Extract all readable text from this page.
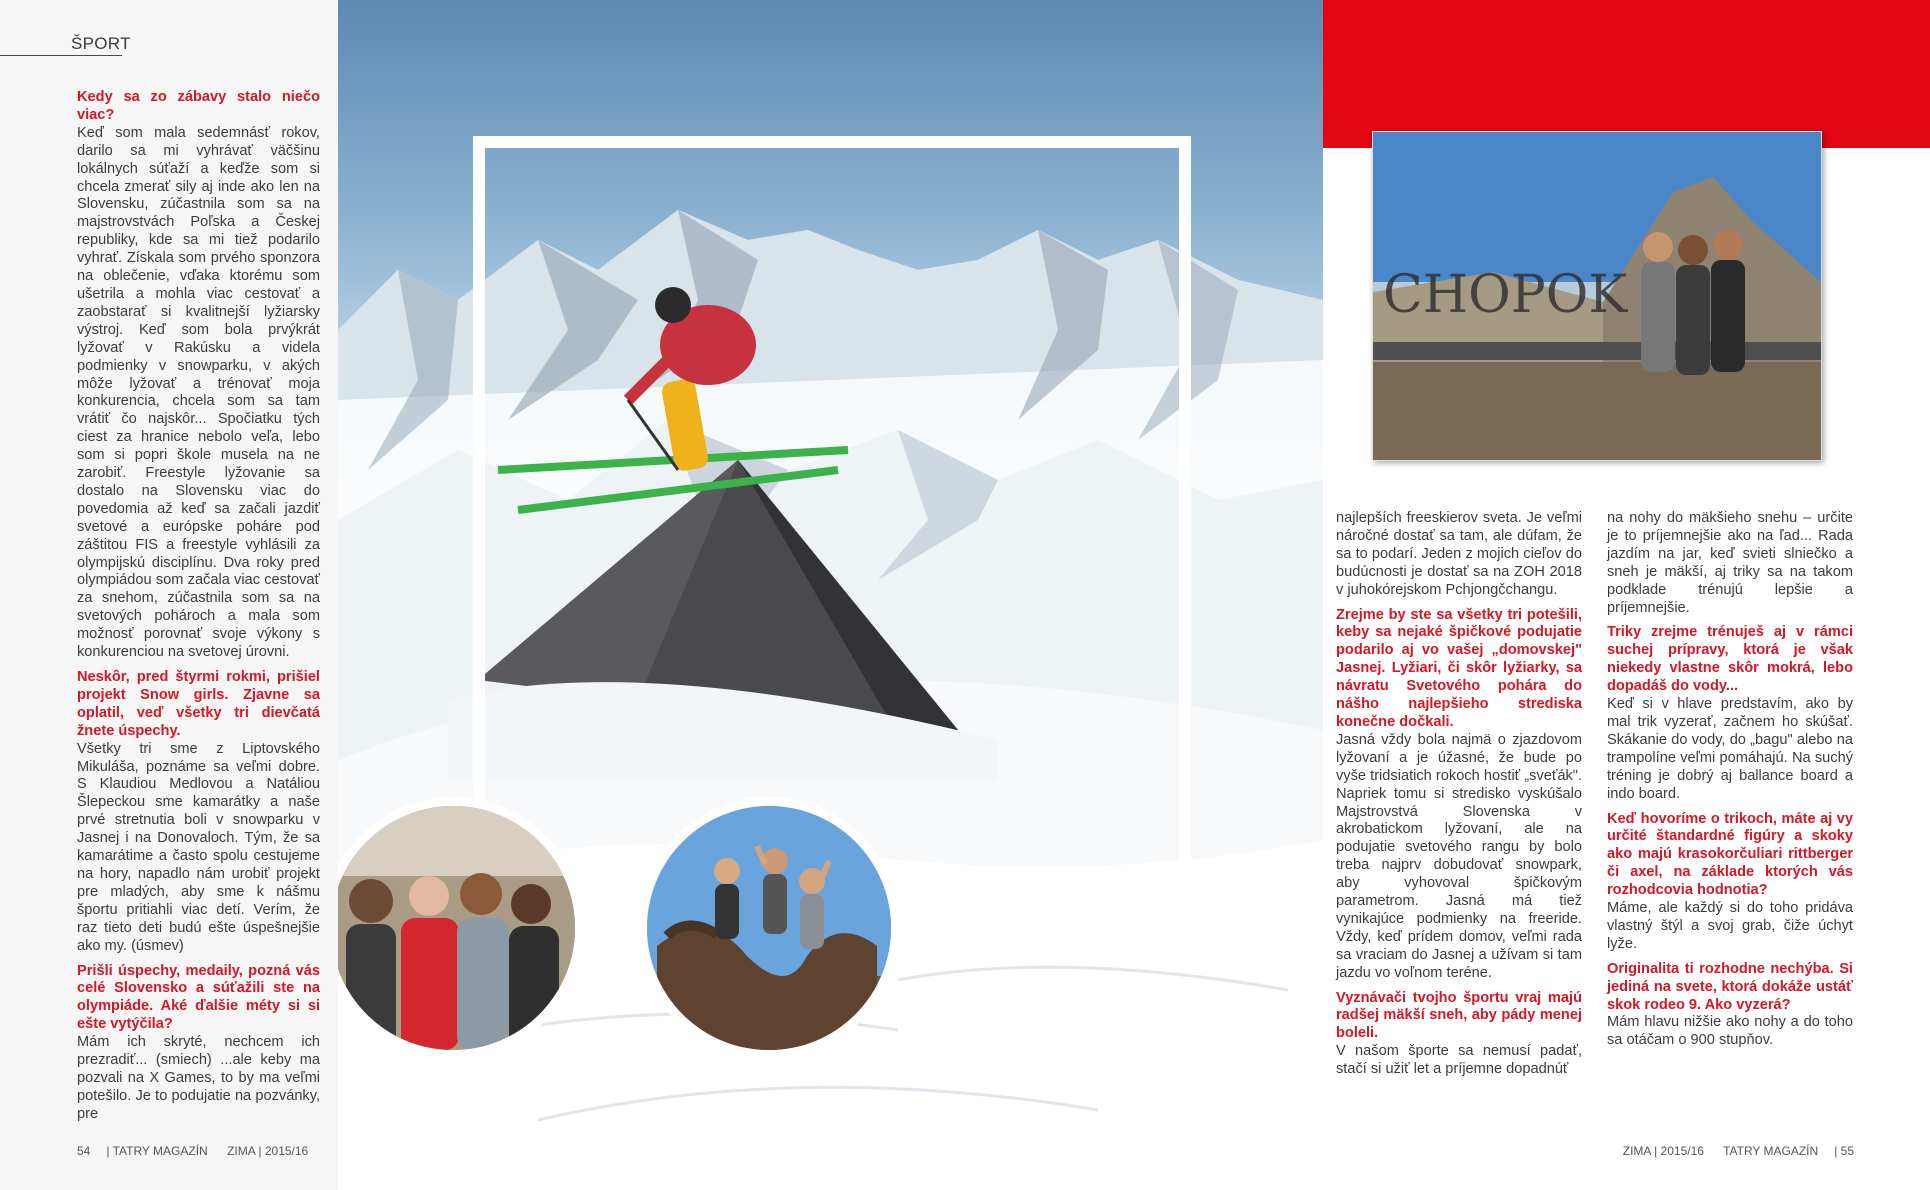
ŠPORT

Kedy sa zo zábavy stalo niečo viac?

Keď som mala sedemnásť rokov, darilo sa mi vyhrávať väčšinu lokálnych súťaží a keďže som si chcela zmerať sily aj inde ako len na Slovensku, zúčastnila som sa na majstrovstvách Poľska a Českej republiky, kde sa mi tiež podarilo vyhrať. Získala som prvého sponzora na oblečenie, vďaka ktorému som ušetrila a mohla viac cestovať a zaobstarať si kvalitnejší lyžiarsky výstroj. Keď som bola prvýkrát lyžovať v Rakúsku a videla podmienky v snowparku, v akých môže lyžovať a trénovať moja konkurencia, chcela som sa tam vrátiť čo najskôr... Spočiatku tých ciest za hranice nebolo veľa, lebo som si popri škole musela na ne zarobiť. Freestyle lyžovanie sa dostalo na Slovensku viac do povedomia až keď sa začali jazdiť svetové a európske poháre pod záštitou FIS a freestyle vyhlásili za olympijskú disciplínu. Dva roky pred olympiádou som začala viac cestovať za snehom, zúčastnila som sa na svetových pohároch a mala som možnosť porovnať svoje výkony s konkurenciou na svetovej úrovni.

Neskôr, pred štyrmi rokmi, prišiel projekt Snow girls. Zjavne sa oplatil, veď všetky tri dievčatá žnete úspechy.

Všetky tri sme z Liptovského Mikuláša, poznáme sa veľmi dobre. S Klaudiou Medlovou a Natáliou Šlepeckou sme kamarátky a naše prvé stretnutia boli v snowparku v Jasnej i na Donovaloch. Tým, že sa kamarátime a často spolu cestujeme na hory, napadlo nám urobiť projekt pre mladých, aby sme k nášmu športu pritiahli viac detí. Verím, že raz tieto deti budú ešte úspešnejšie ako my. (úsmev)

Prišli úspechy, medaily, pozná vás celé Slovensko a súťažili ste na olympiáde. Aké ďalšie méty si si ešte vytýčila?

Mám ich skryté, nechcem ich prezradiť... (smiech) ...ale keby ma pozvali na X Games, to by ma veľmi potešilo. Je to podujatie na pozvánky, pre

54 | TATRY MAGAZÍN ZIMA | 2015/16
CHOPOK

najlepších freeskierov sveta. Je veľmi náročné dostať sa tam, ale dúfam, že sa to podarí. Jeden z mojich cieľov do budúcnosti je dostať sa na ZOH 2018 v juhokórejskom Pchjongčchangu.

Zrejme by ste sa všetky tri potešili, keby sa nejaké špičkové podujatie podarilo aj vo vašej „domovskej" Jasnej. Lyžiari, či skôr lyžiarky, sa návratu Svetového pohára do nášho najlepšieho strediska konečne dočkali.

Jasná vždy bola najmä o zjazdovom lyžovaní a je úžasné, že bude po vyše tridsiatich rokoch hostiť „sveťák". Napriek tomu si stredisko vyskúšalo Majstrovstvá Slovenska v akrobatickom lyžovaní, ale na podujatie svetového rangu by bolo treba najprv dobudovať snowpark, aby vyhovoval špičkovým parametrom. Jasná má tiež vynikajúce podmienky na freeride. Vždy, keď prídem domov, veľmi rada sa vraciam do Jasnej a užívam si tam jazdu vo voľnom teréne.

Vyznávači tvojho športu vraj majú radšej mäkší sneh, aby pády menej boleli.

V našom športe sa nemusí padať, stačí si užiť let a príjemne dopadnúť

na nohy do mäkšieho snehu – určite je to príjemnejšie ako na ľad... Rada jazdím na jar, keď svieti slniečko a sneh je mäkší, aj triky sa na takom podklade trénujú lepšie a príjemnejšie.

Triky zrejme trénuješ aj v rámci suchej prípravy, ktorá je však niekedy vlastne skôr mokrá, lebo dopadáš do vody...

Keď si v hlave predstavím, ako by mal trik vyzerať, začnem ho skúšať. Skákanie do vody, do „bagu" alebo na trampolíne veľmi pomáhajú. Na suchý tréning je dobrý aj ballance board a indo board.

Keď hovoríme o trikoch, máte aj vy určité štandardné figúry a skoky ako majú krasokorčuliari rittberger či axel, na základe ktorých vás rozhodcovia hodnotia?

Máme, ale každý si do toho pridáva vlastný štýl a svoj grab, čiže úchyt lyže.

Originalita ti rozhodne nechýba. Si jediná na svete, ktorá dokáže ustáť skok rodeo 9. Ako vyzerá?

Mám hlavu nižšie ako nohy a do toho sa otáčam o 900 stupňov.

ZIMA | 2015/16 TATRY MAGAZÍN | 55
